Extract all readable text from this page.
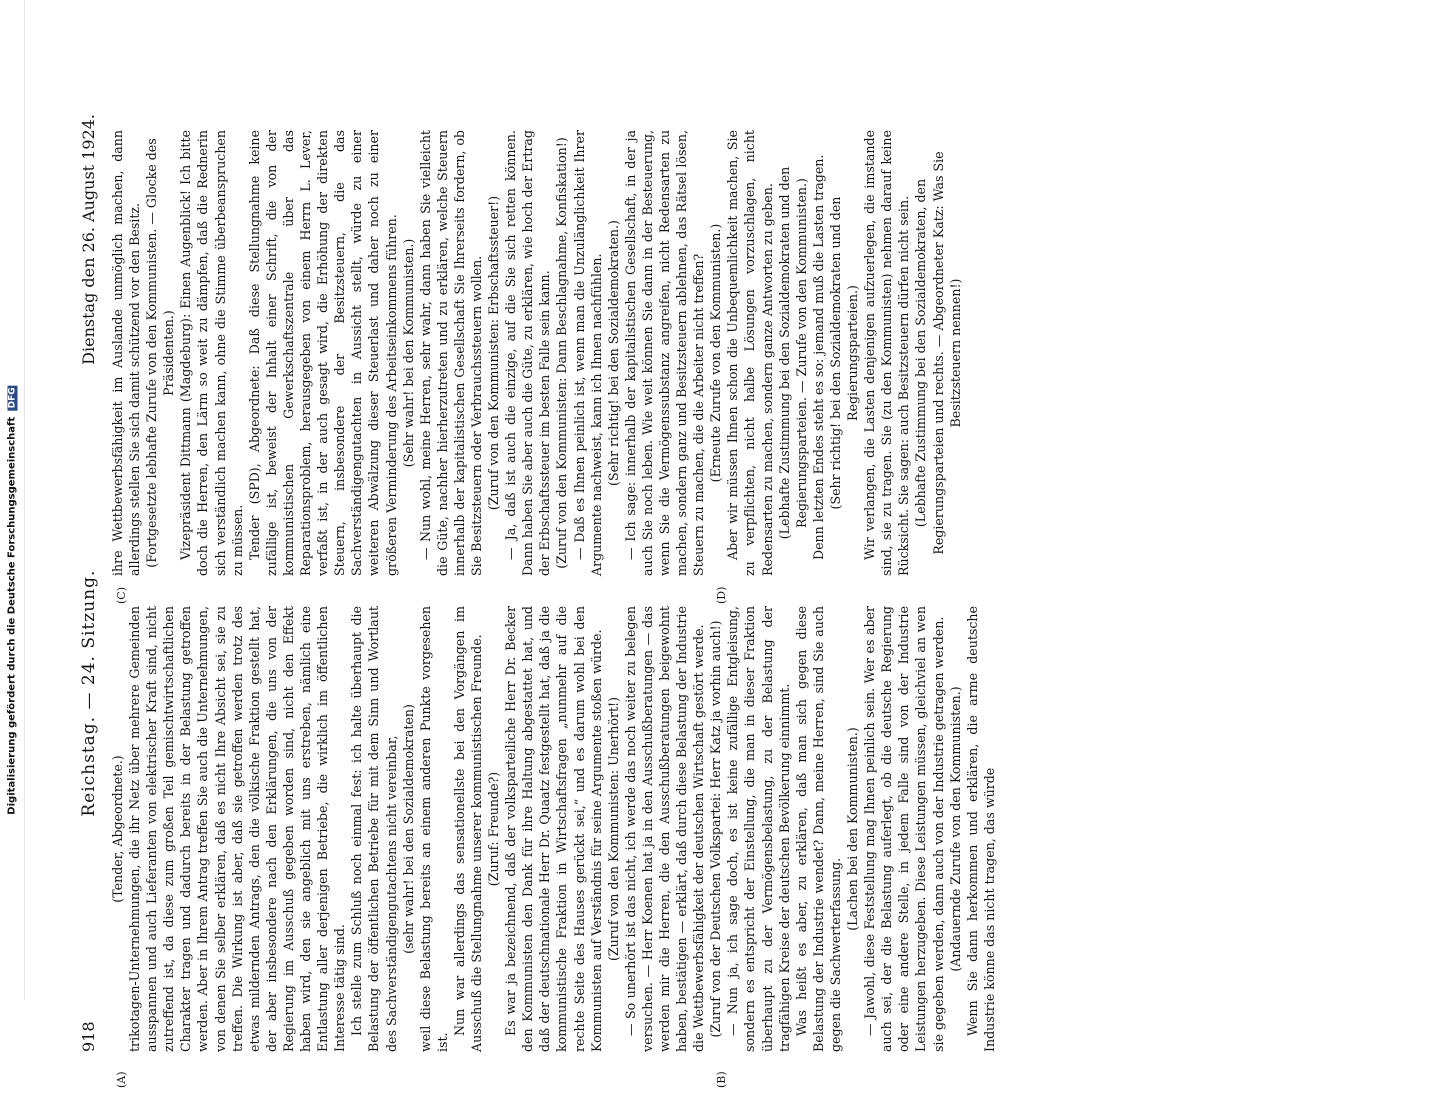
Digitalisierung gefördert durch die Deutsche Forschungsgemeinschaft DFG
918
Reichstag. — 24. Sitzung.
Dienstag den 26. August 1924.
(A)	(B)
(C)	(D)

(Tender, Abgeordnete.) trikotagen-Unternehmungen, die ihr Netz über mehrere Gemeinden ausspannen und auch Lieferanten von elektrischer Kraft sind, nicht zutreffend ist, da diese zum großen Teil gemischtwirtschaftlichen Charakter tragen und dadurch bereits in der Belastung getroffen werden. Aber in Ihrem Antrag treffen Sie auch die Unternehmungen, von denen Sie selber erklären, daß es nicht Ihre Absicht sei, sie zu treffen. Die Wirkung ist aber, daß sie getroffen werden trotz des etwas mildernden Antrags, den die völkische Fraktion gestellt hat, der aber insbesondere nach den Erklärungen, die uns von der Regierung im Ausschuß gegeben worden sind, nicht den Effekt haben wird, den sie angeblich mit uns erstreben, nämlich eine Entlastung aller derjenigen Betriebe, die wirklich im öffentlichen Interesse tätig sind. Ich stelle zum Schluß noch einmal fest: ich halte überhaupt die Belastung der öffentlichen Betriebe für mit dem Sinn und Wortlaut des Sachverständigengutachtens nicht vereinbar, (sehr wahr! bei den Sozialdemokraten) weil diese Belastung bereits an einem anderen Punkte vorgesehen ist.

Nun war allerdings das sensationellste bei den Vorgängen im Ausschuß die Stellungnahme unserer kommunistischen Freunde. (Zuruf: Freunde?) Es war ja bezeichnend, daß der volksparteiliche Herr Dr. Becker den Kommunisten den Dank für ihre Haltung abgestattet hat, und daß der deutschnationale Herr Dr. Quaatz festgestellt hat, daß ja die kommunistische Fraktion in Wirtschaftsfragen „nunmehr auf die rechte Seite des Hauses gerückt sei,“ und es darum wohl bei den Kommunisten auf Verständnis für seine Argumente stoßen würde. (Zuruf von den Kommunisten: Unerhört!) — So unerhört ist das nicht, ich werde das noch weiter zu belegen versuchen. — Herr Koenen hat ja in den Ausschußberatungen — das werden mir die Herren, die den Ausschußberatungen beigewohnt haben, bestätigen — erklärt, daß durch diese Belastung der Industrie die Wettbewerbsfähigkeit der deutschen Wirtschaft gestört werde. (Zuruf von der Deutschen Volkspartei: Herr Katz ja vorhin auch!) — Nun ja, ich sage doch, es ist keine zufällige Entgleisung, sondern es entspricht der Einstellung, die man in dieser Fraktion überhaupt zu der Vermögensbelastung, zu der Belastung der tragfähigen Kreise der deutschen Bevölkerung einnimmt. Was heißt es aber, zu erklären, daß man sich gegen diese Belastung der Industrie wendet? Dann, meine Herren, sind Sie auch gegen die Sachwerterfassung.

(Lachen bei den Kommunisten.) — Jawohl, diese Feststellung mag Ihnen peinlich sein. Wer es aber auch sei, der die Belastung auferlegt, ob die deutsche Regierung oder eine andere Stelle, in jedem Falle sind von der Industrie Leistungen herzugeben. Diese Leistungen müssen, gleichviel an wen sie gegeben werden, dann auch von der Industrie getragen werden. (Andauernde Zurufe von den Kommunisten.) Wenn Sie dann herkommen und erklären, die arme deutsche Industrie könne das nicht tragen, das würde

ihre Wettbewerbsfähigkeit im Auslande unmöglich machen, dann allerdings stellen Sie sich damit schützend vor den Besitz. (Fortgesetzte lebhafte Zurufe von den Kommunisten. — Glocke des Präsidenten.) Vizepräsident Dittmann (Magdeburg): Einen Augenblick! Ich bitte doch die Herren, den Lärm so weit zu dämpfen, daß die Rednerin sich verständlich machen kann, ohne die Stimme überbeanspruchen zu müssen. Tender (SPD), Abgeordnete: Daß diese Stellungnahme keine zufällige ist, beweist der Inhalt einer Schrift, die von der kommunistischen Gewerkschaftszentrale über das Reparationsproblem, herausgegeben von einem Herrn L. Lever, verfaßt ist, in der auch gesagt wird, die Erhöhung der direkten Steuern, insbesondere der Besitzsteuern, die das Sachverständigengutachten in Aussicht stellt, würde zu einer weiteren Abwälzung dieser Steuerlast und daher noch zu einer größeren Verminderung des Arbeitseinkommens führen. (Sehr wahr! bei den Kommunisten.) — Nun wohl, meine Herren, sehr wahr, dann haben Sie vielleicht die Güte, nachher hierherzutreten und zu erklären, welche Steuern innerhalb der kapitalistischen Gesellschaft Sie Ihrerseits fordern, ob Sie Besitzsteuern oder Verbrauchssteuern wollen. (Zuruf von den Kommunisten: Erbschaftssteuer!) — Ja, daß ist auch die einzige, auf die Sie sich retten können. Dann haben Sie aber auch die Güte, zu erklären, wie hoch der Ertrag der Erbschaftssteuer im besten Falle sein kann. (Zuruf von den Kommunisten: Dann Beschlagnahme, Konfiskation!) — Daß es Ihnen peinlich ist, wenn man die Unzulänglichkeit Ihrer Argumente nachweist, kann ich Ihnen nachfühlen. (Sehr richtig! bei den Sozialdemokraten.) — Ich sage: innerhalb der kapitalistischen Gesellschaft, in der ja auch Sie noch leben. Wie weit können Sie dann in der Besteuerung, wenn Sie die Vermögenssubstanz angreifen, nicht Redensarten zu machen, sondern ganz und Besitzsteuern ablehnen, das Rätsel lösen, Steuern zu machen, die die Arbeiter nicht treffen? (Erneute Zurufe von den Kommunisten.) Aber wir müssen Ihnen schon die Unbequemlichkeit machen, Sie zu verpflichten, nicht halbe Lösungen vorzuschlagen, nicht Redensarten zu machen, sondern ganze Antworten zu geben. (Lebhafte Zustimmung bei den Sozialdemokraten und den Regierungsparteien. — Zurufe von den Kommunisten.) Denn letzten Endes steht es so: jemand muß die Lasten tragen. (Sehr richtig! bei den Sozialdemokraten und den Regierungsparteien.) Wir verlangen, die Lasten denjenigen aufzuerlegen, die imstande sind, sie zu tragen. Sie (zu den Kommunisten) nehmen darauf keine Rücksicht. Sie sagen: auch Besitzsteuern dürfen nicht sein. (Lebhafte Zustimmung bei den Sozialdemokraten, den Regierungsparteien und rechts. — Abgeordneter Katz: Was Sie Besitzsteuern nennen!)
